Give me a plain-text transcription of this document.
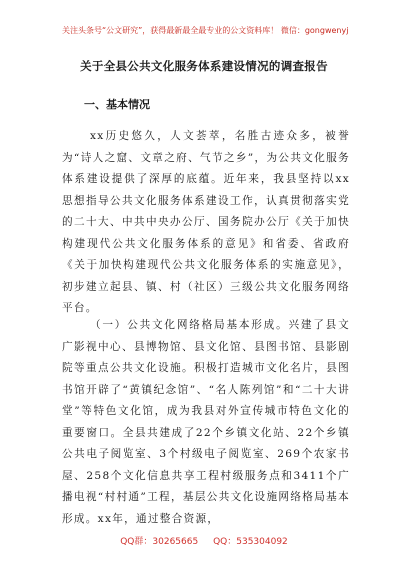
关注头条号“公文研究”，获得最新最全最专业的公文资料库！ 微信：gongwenyj
关于全县公共文化服务体系建设情况的调查报告
一、基本情况

xx历史悠久，人文荟萃，名胜古迹众多，被誉为“诗人之窟、文章之府、气节之乡”，为公共文化服务体系建设提供了深厚的底蕴。近年来，我县坚持以xx思想指导公共文化服务体系建设工作，认真贯彻落实党的二十大、中共中央办公厅、国务院办公厅《关于加快构建现代公共文化服务体系的意见》和省委、省政府《关于加快构建现代公共文化服务体系的实施意见》，初步建立起县、镇、村（社区）三级公共文化服务网络平台。

（一）公共文化网络格局基本形成。兴建了县文广影视中心、县博物馆、县文化馆、县图书馆、县影剧院等重点公共文化设施。积极打造城市文化名片，县图书馆开辟了“黄镇纪念馆”、“名人陈列馆”和“二十大讲堂”等特色文化馆，成为我县对外宣传城市特色文化的重要窗口。全县共建成了22个乡镇文化站、22个乡镇公共电子阅览室、3个村级电子阅览室、269个农家书屋、258个文化信息共享工程村级服务点和3411个广播电视“村村通”工程，基层公共文化设施网络格局基本形成。xx年，通过整合资源，

QQ群：30265665 QQ：535304092
